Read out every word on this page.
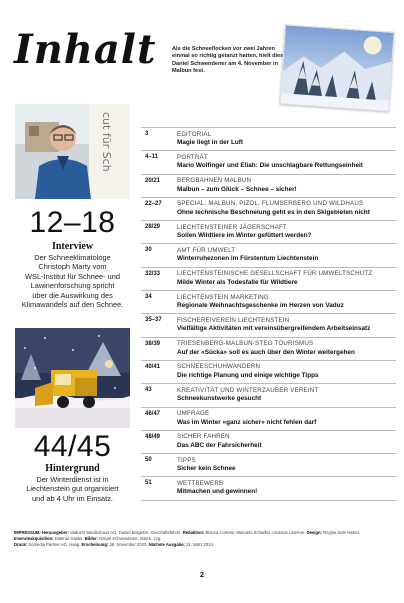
Inhalt	Als die Schneeflocken vor zwei Jahren einmal so richtig getanzt hatten, hielt dies Daniel Schwendener am 4. November in Malbun fest.
cut für Sch
12–18
Interview
Der Schneeklimatologe
Christoph Marty vom
WSL-Institut für Schnee- und
Lawinenforschung spricht
über die Auswirkung des
Klimawandels auf den Schnee.
44/45
Hintergrund
Der Winterdienst ist in
Liechtenstein gut organisiert
und ab 4 Uhr im Einsatz.
3	EDITORIAL
Magie liegt in der Luft
4–11	PORTRÄT
Mario Wolfinger und Eliah: Die unschlagbare Rettungseinheit
20/21	BERGBAHNEN MALBUN
Malbun – zum Glück – Schnee – sicher!
22–27	SPECIAL: MALBUN, PIZOL, FLUMSERBERG UND WILDHAUS
Ohne technische Beschneiung geht es in den Skigebieten nicht
28/29	LIECHTENSTEINER JÄGERSCHAFT
Sollen Wildtiere im Winter gefüttert werden?
30	AMT FÜR UMWELT
Winterruhezonen im Fürstentum Liechtenstein
32/33	LIECHTENSTEINISCHE GESELLSCHAFT FÜR UMWELTSCHUTZ
Milde Winter als Todesfalle für Wildtiere
34	LIECHTENSTEIN MARKETING
Regionale Weihnachtsgeschenke im Herzen von Vaduz
35–37	FISCHEREIVEREIN LIECHTENSTEIN
Vielfältige Aktivitäten mit vereinsübergreifendem Arbeitseinsatz
38/39	TRIESENBERG-MALBUN-STEG TOURISMUS
Auf der «Sücka» soll es auch über den Winter weitergehen
40/41	SCHNEESCHUHWANDERN
Die richtige Planung und einige wichtige Tipps
43	KREATIVITÄT UND WINTERZAUBER VEREINT
Schneekunstwerke gesucht
46/47	UMFRAGE
Was im Winter «ganz sicher» nicht fehlen darf
48/49	SICHER FAHREN
Das ABC der Fahrsicherheit
50	TIPPS
Sicher kein Schnee
51	WETTBEWERB
Mitmachen und gewinnen!
IMPRESSUM: Herausgeber: Vaduzer Medienhaus AG, Daniel Bargetze, Geschäftsführer. Redaktion: Bianca Cortese, Manuela Schädler, Andreas Laterner. Design: Regina Sele Hasler. Inserateakquisition: Dietmar Hasler. Bilder: Daniel Schwendener, iStock, zvg.
Druck: Somedia Partner AG, Haag. Erscheinung: 26. November 2023. Nächste Ausgabe: 31. März 2024.
2
